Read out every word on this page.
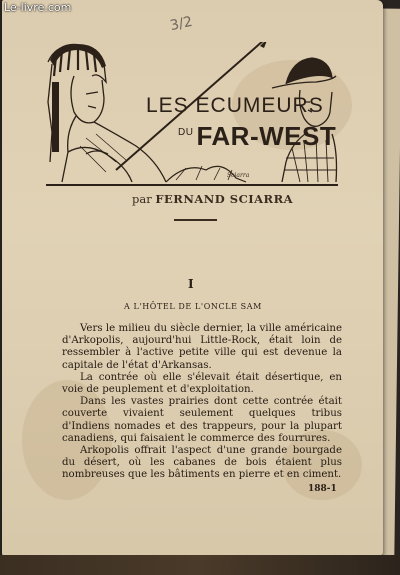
3/2
LES ECUMEURS
$^{DU}$ FAR-WEST
Sciarra
par FERNAND SCIARRA
I
A L'HÔTEL DE L'ONCLE SAM

Vers le milieu du siècle dernier, la ville américaine d'Arkopolis, aujourd'hui Little-Rock, était loin de ressembler à l'active petite ville qui est devenue la capitale de l'état d'Arkansas.

La contrée où elle s'élevait était désertique, en voie de peuplement et d'exploitation.

Dans les vastes prairies dont cette contrée était couverte vivaient seulement quelques tribus d'Indiens nomades et des trappeurs, pour la plupart canadiens, qui faisaient le commerce des fourrures.

Arkopolis offrait l'aspect d'une grande bourgade du désert, où les cabanes de bois étaient plus nombreuses que les bâtiments en pierre et en ciment.

188-1
Le-livre.com
